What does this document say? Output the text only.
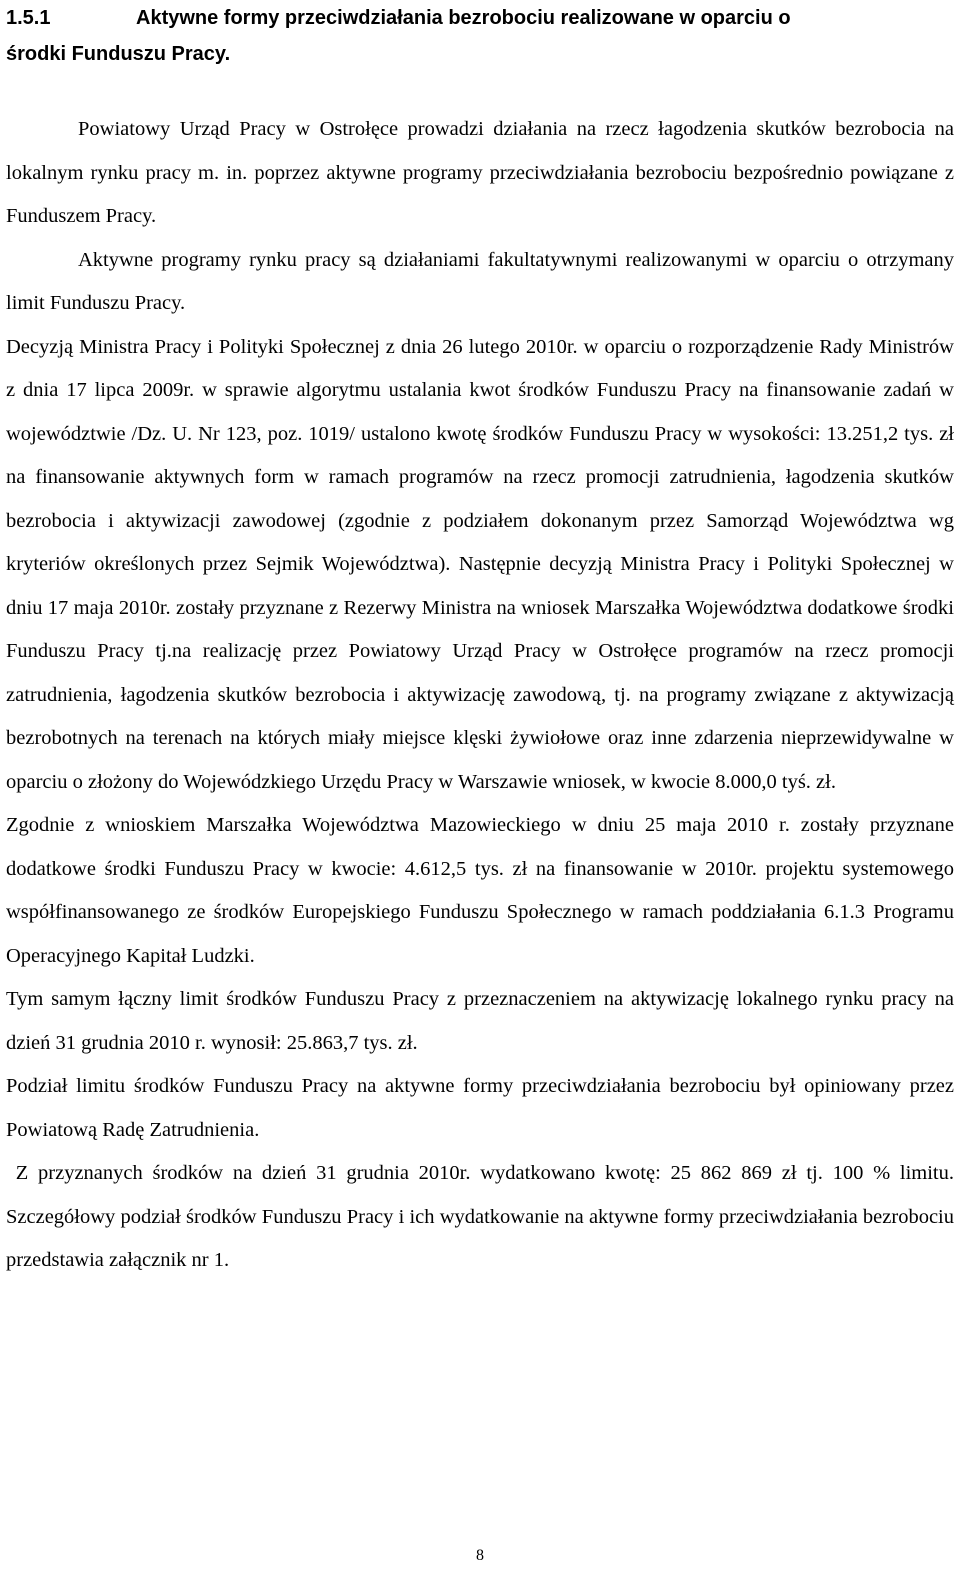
1.5.1	Aktywne formy przeciwdziałania bezrobociu realizowane w oparciu o
środki Funduszu Pracy.

Powiatowy Urząd Pracy w Ostrołęce prowadzi działania na rzecz łagodzenia skutków bezrobocia na lokalnym rynku pracy m. in. poprzez aktywne programy przeciwdziałania bezrobociu bezpośrednio powiązane z Funduszem Pracy.

Aktywne programy rynku pracy są działaniami fakultatywnymi realizowanymi w oparciu o otrzymany limit Funduszu Pracy.

Decyzją Ministra Pracy i Polityki Społecznej z dnia 26 lutego 2010r. w oparciu o rozporządzenie Rady Ministrów z dnia 17 lipca 2009r. w sprawie algorytmu ustalania kwot środków Funduszu Pracy na finansowanie zadań w województwie /Dz. U. Nr 123, poz. 1019/ ustalono kwotę środków Funduszu Pracy w wysokości: 13.251,2 tys. zł na finansowanie aktywnych form w ramach programów na rzecz promocji zatrudnienia, łagodzenia skutków bezrobocia i aktywizacji zawodowej (zgodnie z podziałem dokonanym przez Samorząd Województwa wg kryteriów określonych przez Sejmik Województwa). Następnie decyzją Ministra Pracy i Polityki Społecznej w dniu 17 maja 2010r. zostały przyznane z Rezerwy Ministra na wniosek Marszałka Województwa dodatkowe środki Funduszu Pracy tj.na realizację przez Powiatowy Urząd Pracy w Ostrołęce programów na rzecz promocji zatrudnienia, łagodzenia skutków bezrobocia i aktywizację zawodową, tj. na programy związane z aktywizacją bezrobotnych na terenach na których miały miejsce klęski żywiołowe oraz inne zdarzenia nieprzewidywalne w oparciu o złożony do Wojewódzkiego Urzędu Pracy w Warszawie wniosek, w kwocie 8.000,0 tyś. zł.

Zgodnie z wnioskiem Marszałka Województwa Mazowieckiego w dniu 25 maja 2010 r. zostały przyznane dodatkowe środki Funduszu Pracy w kwocie: 4.612,5 tys. zł na finansowanie w 2010r. projektu systemowego współfinansowanego ze środków Europejskiego Funduszu Społecznego w ramach poddziałania 6.1.3 Programu Operacyjnego Kapitał Ludzki.

Tym samym łączny limit środków Funduszu Pracy z przeznaczeniem na aktywizację lokalnego rynku pracy na dzień 31 grudnia 2010 r. wynosił: 25.863,7 tys. zł.

Podział limitu środków Funduszu Pracy na aktywne formy przeciwdziałania bezrobociu był opiniowany przez Powiatową Radę Zatrudnienia.

Z przyznanych środków na dzień 31 grudnia 2010r. wydatkowano kwotę: 25 862 869 zł tj. 100 % limitu. Szczegółowy podział środków Funduszu Pracy i ich wydatkowanie na aktywne formy przeciwdziałania bezrobociu przedstawia załącznik nr 1.

8
